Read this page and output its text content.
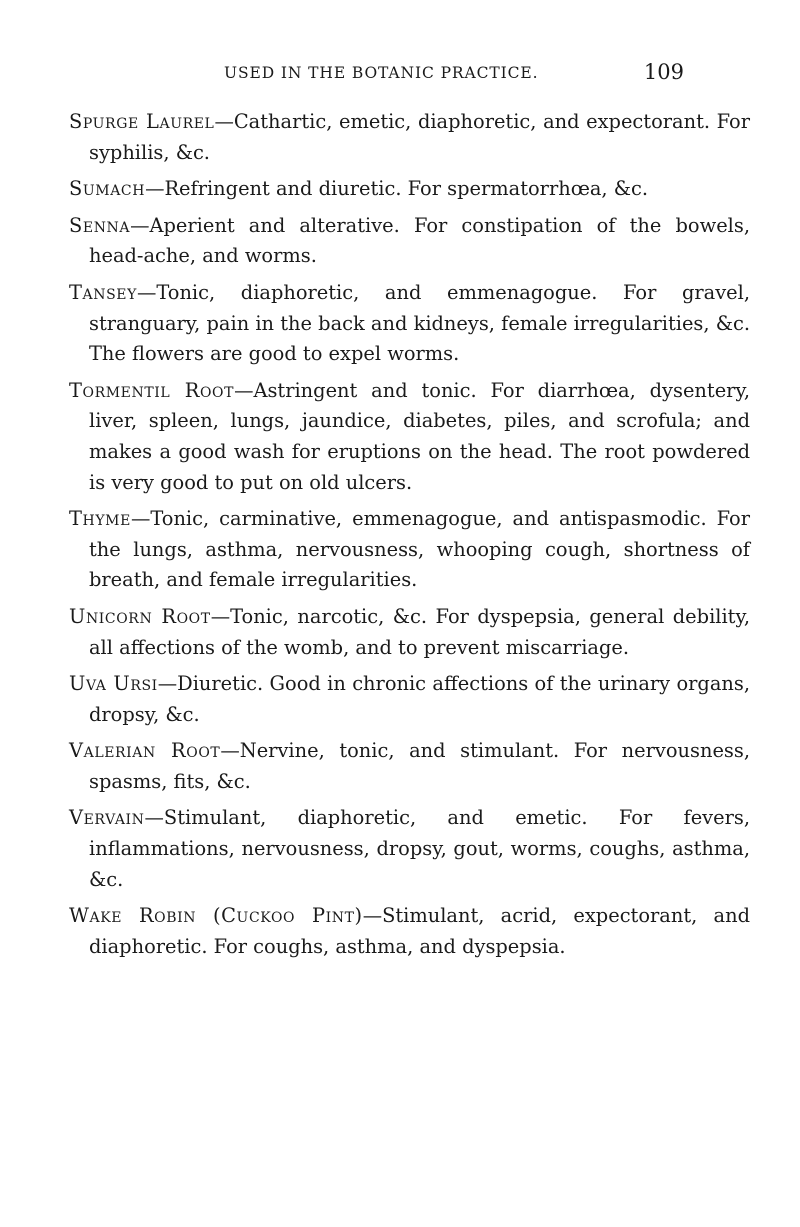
USED IN THE BOTANIC PRACTICE.	109

Spurge Laurel—Cathartic, emetic, diaphoretic, and expectorant. For syphilis, &c.

Sumach—Refringent and diuretic. For spermatorrhœa, &c.

Senna—Aperient and alterative. For constipation of the bowels, head-ache, and worms.

Tansey—Tonic, diaphoretic, and emmenagogue. For gravel, stranguary, pain in the back and kidneys, female irregularities, &c. The flowers are good to expel worms.

Tormentil Root—Astringent and tonic. For diarrhœa, dysentery, liver, spleen, lungs, jaundice, diabetes, piles, and scrofula; and makes a good wash for eruptions on the head. The root powdered is very good to put on old ulcers.

Thyme—Tonic, carminative, emmenagogue, and antispasmodic. For the lungs, asthma, nervousness, whooping cough, shortness of breath, and female irregularities.

Unicorn Root—Tonic, narcotic, &c. For dyspepsia, general debility, all affections of the womb, and to prevent miscarriage.

Uva Ursi—Diuretic. Good in chronic affections of the urinary organs, dropsy, &c.

Valerian Root—Nervine, tonic, and stimulant. For nervousness, spasms, fits, &c.

Vervain—Stimulant, diaphoretic, and emetic. For fevers, inflammations, nervousness, dropsy, gout, worms, coughs, asthma, &c.

Wake Robin (Cuckoo Pint)—Stimulant, acrid, expectorant, and diaphoretic. For coughs, asthma, and dyspepsia.
